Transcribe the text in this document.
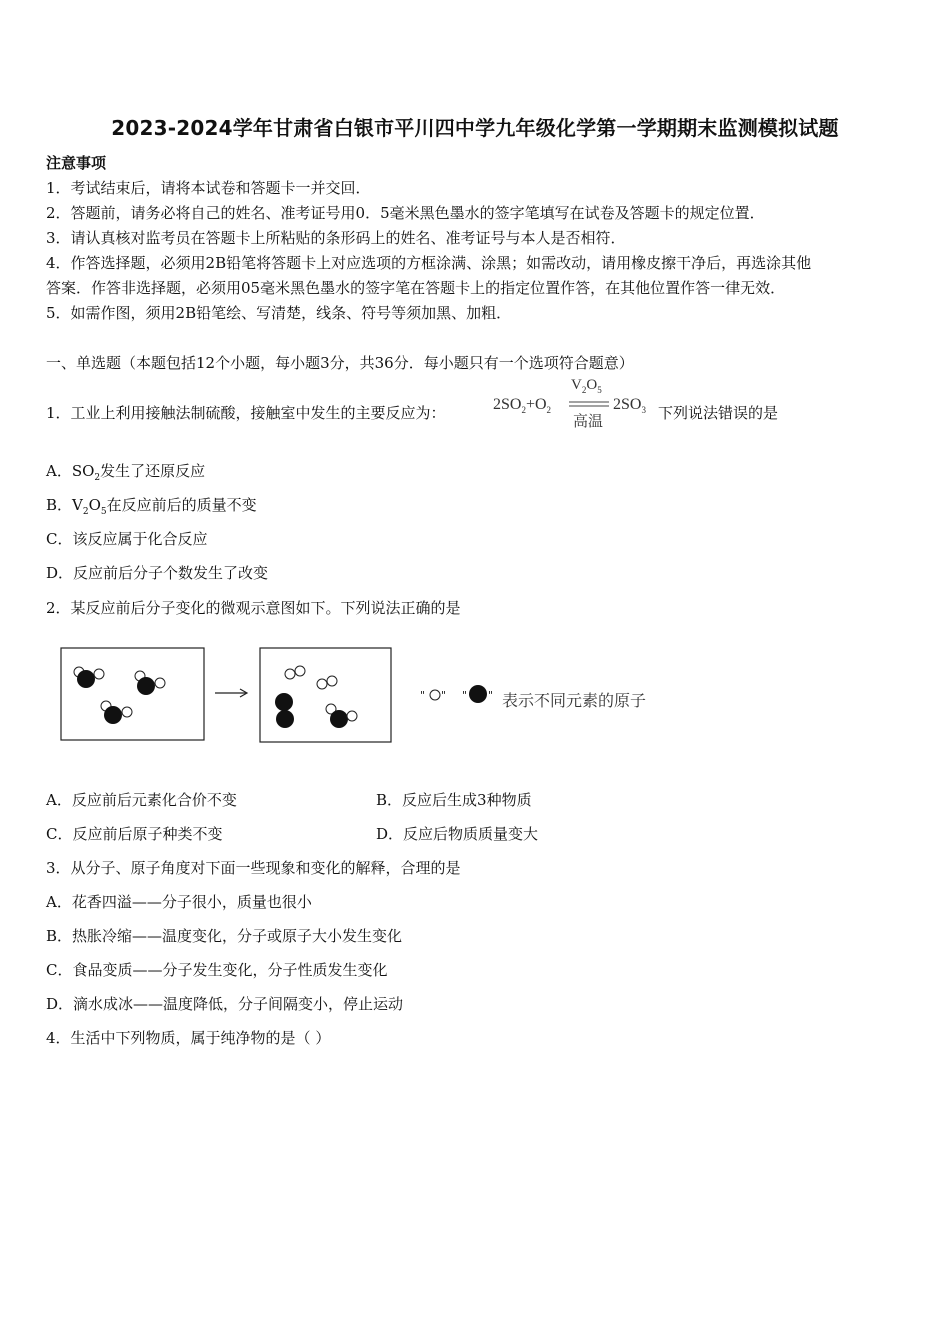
2023-2024学年甘肃省白银市平川四中学九年级化学第一学期期末监测模拟试题
注意事项
1．考试结束后，请将本试卷和答题卡一并交回．
2．答题前，请务必将自己的姓名、准考证号用0．5毫米黑色墨水的签字笔填写在试卷及答题卡的规定位置．
3．请认真核对监考员在答题卡上所粘贴的条形码上的姓名、准考证号与本人是否相符．
4．作答选择题，必须用2B铅笔将答题卡上对应选项的方框涂满、涂黑；如需改动，请用橡皮擦干净后，再选涂其他
答案．作答非选择题，必须用05毫米黑色墨水的签字笔在答题卡上的指定位置作答，在其他位置作答一律无效．
5．如需作图，须用2B铅笔绘、写清楚，线条、符号等须加黑、加粗．
一、单选题（本题包括12个小题，每小题3分，共36分．每小题只有一个选项符合题意）
1．工业上利用接触法制硫酸，接触室中发生的主要反应为：	$2SO_2+O_2$
$V_2O_5$
高温
$2SO_3$ 下列说法错误的是
A．$SO_2$发生了还原反应
B．$V_2O_5$在反应前后的质量不变
C．该反应属于化合反应
D．反应前后分子个数发生了改变
2．某反应前后分子变化的微观示意图如下。下列说法正确的是
" " " " 表示不同元素的原子
A．反应前后元素化合价不变	B．反应后生成3种物质
C．反应前后原子种类不变	D．反应后物质质量变大
3．从分子、原子角度对下面一些现象和变化的解释，合理的是
A．花香四溢——分子很小，质量也很小
B．热胀冷缩——温度变化，分子或原子大小发生变化
C．食品变质——分子发生变化，分子性质发生变化
D．滴水成冰——温度降低，分子间隔变小，停止运动
4．生活中下列物质，属于纯净物的是（ ）
